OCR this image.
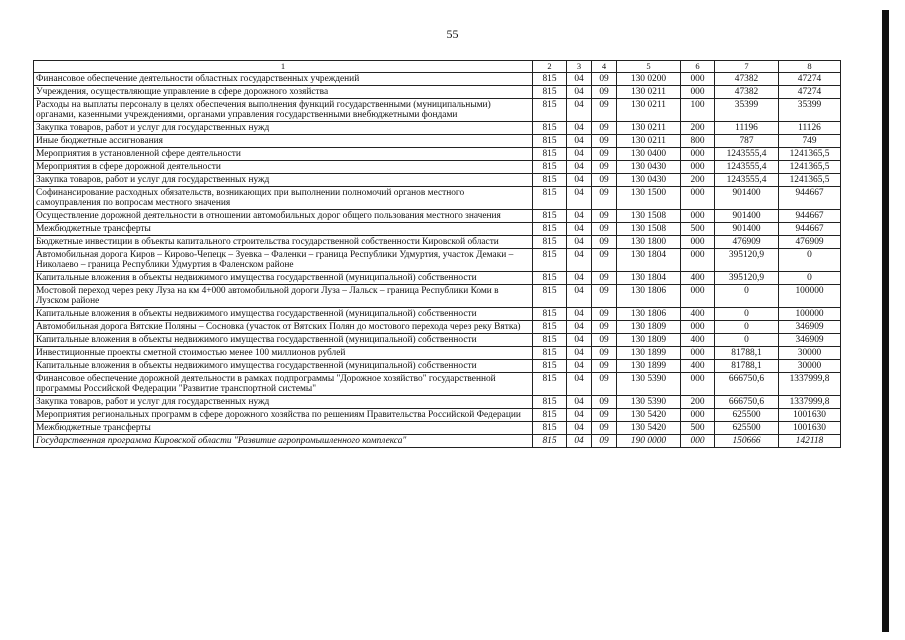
55
1	2	3	4	5	6	7	8
Финансовое обеспечение деятельности областных государственных учреждений	815	04	09	130 0200	000	47382	47274
Учреждения, осуществляющие управление в сфере дорожного хозяйства	815	04	09	130 0211	000	47382	47274
Расходы на выплаты персоналу в целях обеспечения выполнения функций государственными (муниципальными) органами, казенными учреждениями, органами управления государственными внебюджетными фондами	815	04	09	130 0211	100	35399	35399
Закупка товаров, работ и услуг для государственных нужд	815	04	09	130 0211	200	11196	11126
Иные бюджетные ассигнования	815	04	09	130 0211	800	787	749
Мероприятия в установленной сфере деятельности	815	04	09	130 0400	000	1243555,4	1241365,5
Мероприятия в сфере дорожной деятельности	815	04	09	130 0430	000	1243555,4	1241365,5
Закупка товаров, работ и услуг для государственных нужд	815	04	09	130 0430	200	1243555,4	1241365,5
Софинансирование расходных обязательств, возникающих при выполнении полномочий органов местного самоуправления по вопросам местного значения	815	04	09	130 1500	000	901400	944667
Осуществление дорожной деятельности в отношении автомобильных дорог общего пользования местного значения	815	04	09	130 1508	000	901400	944667
Межбюджетные трансферты	815	04	09	130 1508	500	901400	944667
Бюджетные инвестиции в объекты капитального строительства государственной собственности Кировской области	815	04	09	130 1800	000	476909	476909
Автомобильная дорога Киров – Кирово-Чепецк – Зуевка – Фаленки – граница Республики Удмуртия, участок Демаки – Николаево – граница Республики Удмуртия в Фаленском районе	815	04	09	130 1804	000	395120,9	0
Капитальные вложения в объекты недвижимого имущества государственной (муниципальной) собственности	815	04	09	130 1804	400	395120,9	0
Мостовой переход через реку Луза на км 4+000 автомобильной дороги Луза – Лальск – граница Республики Коми в Лузском районе	815	04	09	130 1806	000	0	100000
Капитальные вложения в объекты недвижимого имущества государственной (муниципальной) собственности	815	04	09	130 1806	400	0	100000
Автомобильная дорога Вятские Поляны – Сосновка (участок от Вятских Полян до мостового перехода через реку Вятка)	815	04	09	130 1809	000	0	346909
Капитальные вложения в объекты недвижимого имущества государственной (муниципальной) собственности	815	04	09	130 1809	400	0	346909
Инвестиционные проекты сметной стоимостью менее 100 миллионов рублей	815	04	09	130 1899	000	81788,1	30000
Капитальные вложения в объекты недвижимого имущества государственной (муниципальной) собственности	815	04	09	130 1899	400	81788,1	30000
Финансовое обеспечение дорожной деятельности в рамках подпрограммы "Дорожное хозяйство" государственной программы Российской Федерации "Развитие транспортной системы"	815	04	09	130 5390	000	666750,6	1337999,8
Закупка товаров, работ и услуг для государственных нужд	815	04	09	130 5390	200	666750,6	1337999,8
Мероприятия региональных программ в сфере дорожного хозяйства по решениям Правительства Российской Федерации	815	04	09	130 5420	000	625500	1001630
Межбюджетные трансферты	815	04	09	130 5420	500	625500	1001630
Государственная программа Кировской области "Развитие агропромышленного комплекса"	815	04	09	190 0000	000	150666	142118
